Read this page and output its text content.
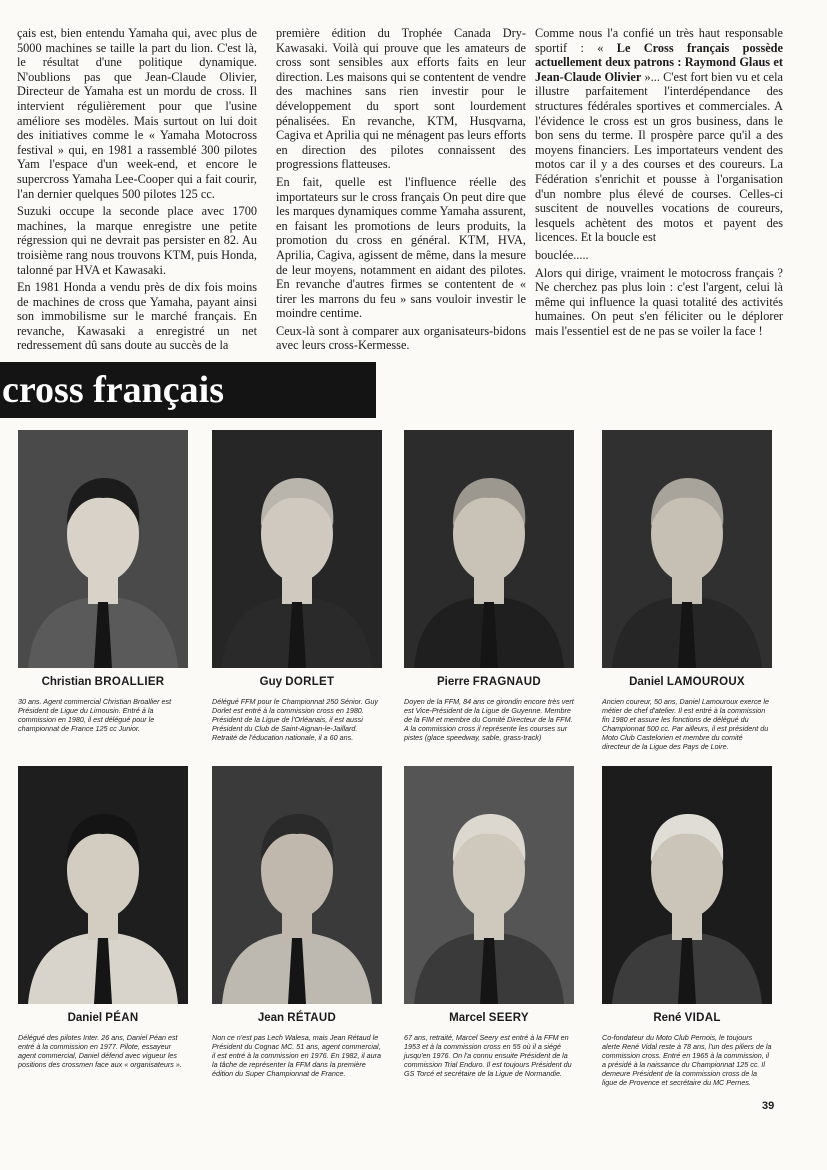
çais est, bien entendu Yamaha qui, avec plus de 5000 machines se taille la part du lion. C'est là, le résultat d'une politique dynamique. N'oublions pas que Jean-Claude Olivier, Directeur de Yamaha est un mordu de cross. Il intervient régulièrement pour que l'usine améliore ses modèles. Mais surtout on lui doit des initiatives comme le « Yamaha Motocross festival » qui, en 1981 a rassemblé 300 pilotes Yam l'espace d'un week-end, et encore le supercross Yamaha Lee-Cooper qui a fait courir, l'an dernier quelques 500 pilotes 125 cc.

Suzuki occupe la seconde place avec 1700 machines, la marque enregistre une petite régression qui ne devrait pas persister en 82. Au troisième rang nous trouvons KTM, puis Honda, talonné par HVA et Kawasaki.

En 1981 Honda a vendu près de dix fois moins de machines de cross que Yamaha, payant ainsi son immobilisme sur le marché français. En revanche, Kawasaki a enregistré un net redressement dû sans doute au succès de la

première édition du Trophée Canada Dry-Kawasaki. Voilà qui prouve que les amateurs de cross sont sensibles aux efforts faits en leur direction. Les maisons qui se contentent de vendre des machines sans rien investir pour le développement du sport sont lourdement pénalisées. En revanche, KTM, Husqvarna, Cagiva et Aprilia qui ne ménagent pas leurs efforts en direction des pilotes connaissent des progressions flatteuses.

En fait, quelle est l'influence réelle des importateurs sur le cross français On peut dire que les marques dynamiques comme Yamaha assurent, en faisant les promotions de leurs produits, la promotion du cross en général. KTM, HVA, Aprilia, Cagiva, agissent de même, dans la mesure de leur moyens, notamment en aidant des pilotes. En revanche d'autres firmes se contentent de « tirer les marrons du feu » sans vouloir investir le moindre centime.

Ceux-là sont à comparer aux organisateurs-bidons avec leurs cross-Kermesse.

Comme nous l'a confié un très haut responsable sportif : « Le Cross français possède actuellement deux patrons : Raymond Glaus et Jean-Claude Olivier »... C'est fort bien vu et cela illustre parfaitement l'interdépendance des structures fédérales sportives et commerciales. A l'évidence le cross est un gros business, dans le bon sens du terme. Il prospère parce qu'il a des moyens financiers. Les importateurs vendent des motos car il y a des courses et des coureurs. La Fédération s'enrichit et pousse à l'organisation d'un nombre plus élevé de courses. Celles-ci suscitent de nouvelles vocations de coureurs, lesquels achètent des motos et payent des licences. Et la boucle est

bouclée.....

Alors qui dirige, vraiment le motocross français ? Ne cherchez pas plus loin : c'est l'argent, celui là même qui influence la quasi totalité des activités humaines. On peut s'en féliciter ou le déplorer mais l'essentiel est de ne pas se voiler la face !

cross français
Christian BROALLIER
30 ans. Agent commercial Christian Broallier est Président de Ligue du Limousin. Entré à la commission en 1980, il est délégué pour le championnat de France 125 cc Junior.
Guy DORLET
Délégué FFM pour le Championnat 250 Sénior. Guy Dorlet est entré à la commission cross en 1980. Président de la Ligue de l'Orléanais, il est aussi Président du Club de Saint-Aignan-le-Jaillard. Retraité de l'éducation nationale, il a 60 ans.
Pierre FRAGNAUD
Doyen de la FFM, 84 ans ce girondin encore très vert est Vice-Président de la Ligue de Guyenne. Membre de la FIM et membre du Comité Directeur de la FFM. A la commission cross il représente les courses sur pistes (glace speedway, sable, grass-track)
Daniel LAMOUROUX
Ancien coureur, 50 ans, Daniel Lamouroux exerce le métier de chef d'atelier. Il est entré à la commission fin 1980 et assure les fonctions de délégué du Championnat 500 cc. Par ailleurs, il est président du Moto Club Castelorien et membre du comité directeur de la Ligue des Pays de Loire.
Daniel PÉAN
Délégué des pilotes Inter. 26 ans, Daniel Péan est entré à la commission en 1977. Pilote, essayeur agent commercial, Daniel défend avec vigueur les positions des crossmen face aux « organisateurs ».
Jean RÉTAUD
Non ce n'est pas Lech Walesa, mais Jean Rétaud le Président du Cognac MC. 51 ans, agent commercial, il est entré à la commission en 1976. En 1982, il aura la tâche de représenter la FFM dans la première édition du Super Championnat de France.
Marcel SEERY
67 ans, retraité, Marcel Seery est entré à la FFM en 1953 et à la commission cross en 55 où il a siégé jusqu'en 1976. On l'a connu ensuite Président de la commission Trial Enduro. Il est toujours Président du GS Torcé et secrétaire de la Ligue de Normandie.
René VIDAL
Co-fondateur du Moto Club Pernois, le toujours alerte René Vidal reste à 78 ans, l'un des piliers de la commission cross. Entré en 1965 à la commission, il a présidé à la naissance du Championnat 125 cc. Il demeure Président de la commission cross de la ligue de Provence et secrétaire du MC Pernes.
39
